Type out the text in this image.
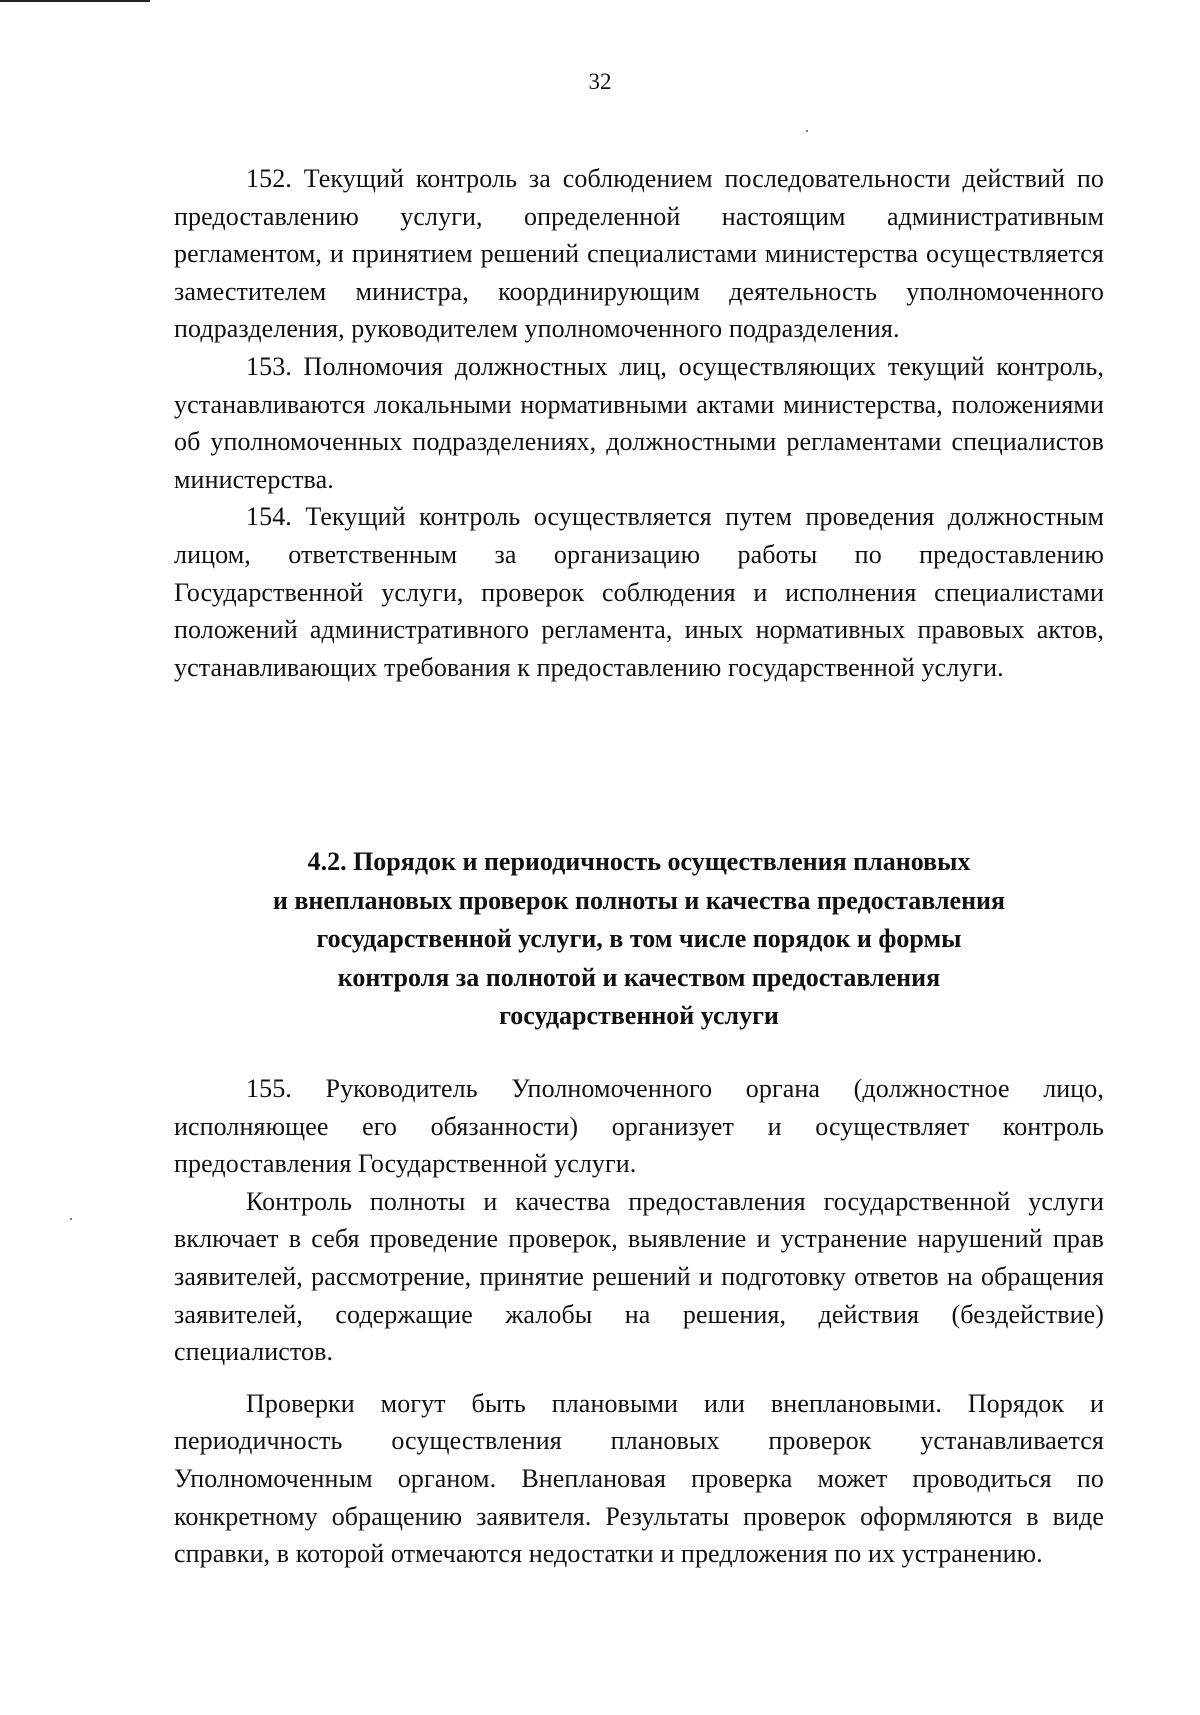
32

152. Текущий контроль за соблюдением последовательности действий по предоставлению услуги, определенной настоящим административным регламентом, и принятием решений специалистами министерства осуществляется заместителем министра, координирующим деятельность уполномоченного подразделения, руководителем уполномоченного подразделения.

153. Полномочия должностных лиц, осуществляющих текущий контроль, устанавливаются локальными нормативными актами министерства, положениями об уполномоченных подразделениях, должностными регламентами специалистов министерства.

154. Текущий контроль осуществляется путем проведения должностным лицом, ответственным за организацию работы по предоставлению Государственной услуги, проверок соблюдения и исполнения специалистами положений административного регламента, иных нормативных правовых актов, устанавливающих требования к предоставлению государственной услуги.

4.2. Порядок и периодичность осуществления плановых
и внеплановых проверок полноты и качества предоставления
государственной услуги, в том числе порядок и формы
контроля за полнотой и качеством предоставления
государственной услуги

155. Руководитель Уполномоченного органа (должностное лицо, исполняющее его обязанности) организует и осуществляет контроль предоставления Государственной услуги.

Контроль полноты и качества предоставления государственной услуги включает в себя проведение проверок, выявление и устранение нарушений прав заявителей, рассмотрение, принятие решений и подготовку ответов на обращения заявителей, содержащие жалобы на решения, действия (бездействие) специалистов.

Проверки могут быть плановыми или внеплановыми. Порядок и периодичность осуществления плановых проверок устанавливается Уполномоченным органом. Внеплановая проверка может проводиться по конкретному обращению заявителя. Результаты проверок оформляются в виде справки, в которой отмечаются недостатки и предложения по их устранению.
